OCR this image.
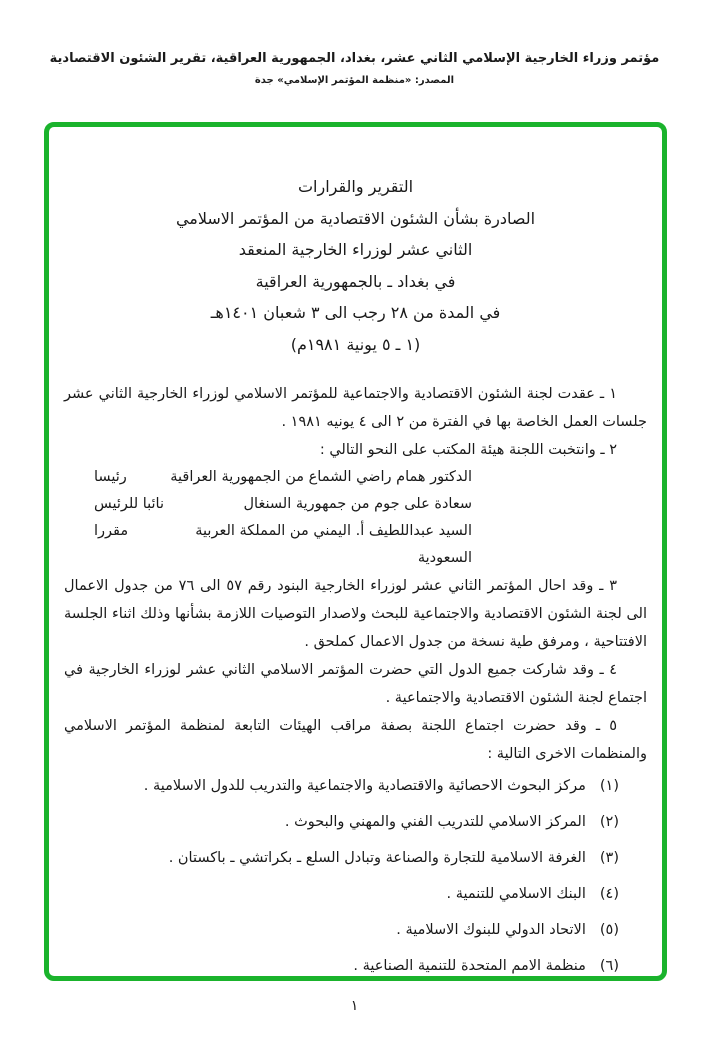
مؤتمر وزراء الخارجية الإسلامي الثاني عشر، بغداد، الجمهورية العراقية، تقرير الشئون الاقتصادية
المصدر: «منظمة المؤتمر الإسلامي» جدة

التقرير والقرارات

الصادرة بشأن الشئون الاقتصادية من المؤتمر الاسلامي

الثاني عشر لوزراء الخارجية المنعقد

في بغداد ـ بالجمهورية العراقية

في المدة من ٢٨ رجب الى ٣ شعبان ١٤٠١هـ

(١ ـ ٥ يونية ١٩٨١م)

١ ـ عقدت لجنة الشئون الاقتصادية والاجتماعية للمؤتمر الاسلامي لوزراء الخارجية الثاني عشر جلسات العمل الخاصة بها في الفترة من ٢ الى ٤ يونيه ١٩٨١ .

٢ ـ وانتخبت اللجنة هيئة المكتب على النحو التالي :

الدكتور همام راضي الشماع من الجمهورية العراقية
رئيسا
سعادة على جوم من جمهورية السنغال
نائبا للرئيس
السيد عبداللطيف أ. اليمني من المملكة العربية السعودية
مقررا

٣ ـ وقد احال المؤتمر الثاني عشر لوزراء الخارجية البنود رقم ٥٧ الى ٧٦ من جدول الاعمال الى لجنة الشئون الاقتصادية والاجتماعية للبحث ولاصدار التوصيات اللازمة بشأنها وذلك اثناء الجلسة الافتتاحية ، ومرفق طية نسخة من جدول الاعمال كملحق .

٤ ـ وقد شاركت جميع الدول التي حضرت المؤتمر الاسلامي الثاني عشر لوزراء الخارجية في اجتماع لجنة الشئون الاقتصادية والاجتماعية .

٥ ـ وقد حضرت اجتماع اللجنة بصفة مراقب الهيئات التابعة لمنظمة المؤتمر الاسلامي والمنظمات الاخرى التالية :

(١)
مركز البحوث الاحصائية والاقتصادية والاجتماعية والتدريب للدول الاسلامية .
(٢)
المركز الاسلامي للتدريب الفني والمهني والبحوث .
(٣)
الغرفة الاسلامية للتجارة والصناعة وتبادل السلع ـ بكراتشي ـ باكستان .
(٤)
البنك الاسلامي للتنمية .
(٥)
الاتحاد الدولي للبنوك الاسلامية .
(٦)
منظمة الامم المتحدة للتنمية الصناعية .
١
